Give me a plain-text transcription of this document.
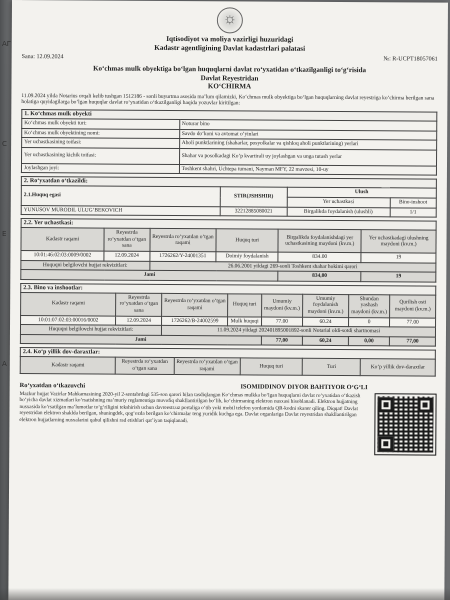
АГ
С
Е
А
☼
Iqtisodiyot va moliya vazirligi huzuridagi
Kadastr agentligining Davlat kadastrlari palatasi
Sana: 12.09.2024	№: R-UCPT18057061
Ko‘chmas mulk obyektiga bo‘lgan huquqlarni davlat ro‘yxatidan o‘tkazilganligi to‘g‘risida
Davlat Reyestridan
KO‘CHIRMA

11.09.2024 yilda Notarius orqali kelib tushgan 1512186 - sonli buyurtma asosida ma’lum qilamizki, Ko‘chmas mulk obyektiga bo‘lgan huquqlarning davlat reyestriga ko‘chirma berilgan sana holatiga quyidagilarga bo‘lgan huquqlar davlat ro‘yxatidan o‘tkazilganligi haqida yozuvlar kiritilgan:

1. Ko‘chmas mulk obyekti
Ko‘chmas mulk obyekti turi:	Noturar bino
Ko‘chmas mulk obyektining nomi:	Savdo do‘koni va avtomat o‘yinlari
Yer uchastkasining toifasi:	Aholi punktlarining (shaharlar, posyolkalar va qishloq aholi punktlarining) yerlari
Yer uchastkasining kichik toifasi:	Shahar va posolkadagi Ko‘p kvartirali uy joylashgan va unga tutash yerlar
Joylashgan joyi:	Toshkent shahri, Uchtepa tumani, Nayman MFY, 22 mavzesi, 10-uy
2. Ro‘yxatdan o‘tkazildi:
2.1.Huquq egasi	STIR(JSHSHIR)	Ulush	
		Yer uchastkasi	Bino-inshoot
YUNUSOV MURODIL ULUG‘BEKOVICH	32212885080021	Birgalikda foydalanish (ulushli)	1/1
2.2. Yer uchastkasi:
Kadastr raqami	Reyestrda ro‘yxatdan o‘tgan sana	Reyestrda ro‘yxatdan o‘tgan raqami	Huquq turi	Birgalikda foydalanishdagi yer uchastkasining maydoni (kv.m.)	Yer uchastkadagi ulushning maydoni (kv.m.)
10:01:46:02:03:0009/0002	12.09.2024	1726262/Y-24001351	Doimiy foydalanish	834.00	19
Huquqni belgilovchi hujjat rekvizitlari:		26.06.2001 yildagi 269-sonli Toshkent shahar hokimi qarori			
Jami				834,00	19
2.3. Bino va inshootlar:
Kadastr raqami	Reyestrda ro‘yxatdan o‘tgan sana	Reyestrda ro‘yxatdan o‘tgan raqami	Huquq turi	Umumiy maydoni (kv.m.)	Umumiy foydalanish maydoni (kv.m.)	Shundan yashash maydoni (kv.m.)	Qurilish osti maydoni (kv.m.)
10:01:07:02:03:00016/0002	12.09.2024	1726262/B-24002599	Mulk huquqi	77.00	60.24	0	77.00
Huquqni belgilovchi hujjat rekvizitlari:		11.09.2024 yildagi 202401895001892-sonli Notarial oldi-sotdi shartnomasi					
Jami				77,00	60,24	0,00	77,00
2.4. Ko‘p yillik dov-daraxtlar:
Kadastr raqami	Reyestrda ro‘yxatdan o‘tgan sana	Reyestrda ro‘yxatdan o‘tgan raqami	Huquq turi	Turi	Ko‘p yillik dov-daraxtlar
Ro‘yxatdan o‘tkazuvchi	ISOMIDDINOV DIYOR BAHTIYOR O‘G‘LI

Mazkur hujjat Vazirlar Mahkamasining 2020-yil 2-sentabrdagi 535-son qarori bilan tasdiqlangan Ko‘chmas mulkka bo‘lgan huquqlarni davlat ro‘yxatidan o‘tkazish bo‘yicha davlat xizmatlari ko‘rsatishning ma’muriy reglamentiga muvofiq shakllantirilgan bo‘lib, ko‘chirmaning elektron nusxasi hisoblanadi. Elektron hujjatning nusxasida ko‘rsatilgan ma’lumotlar to‘g‘riligini tekshirish uchun davreestr.uz portaliga o‘tib yoki mobil telefon yordamida QR-kodni skaner qiling. Diqqat! Davlat reyestridan elektron shaklda berilgan, shuningdek, qog‘ozda berilgan ko‘chirmalar teng yuridik kuchga ega. Davlat organlariga Davlat reyestridan shakllantirilgan elektron hujjatlarning nusxalarini qabul qilishni rad etishlari qat’iyan taqiqlanadi.
